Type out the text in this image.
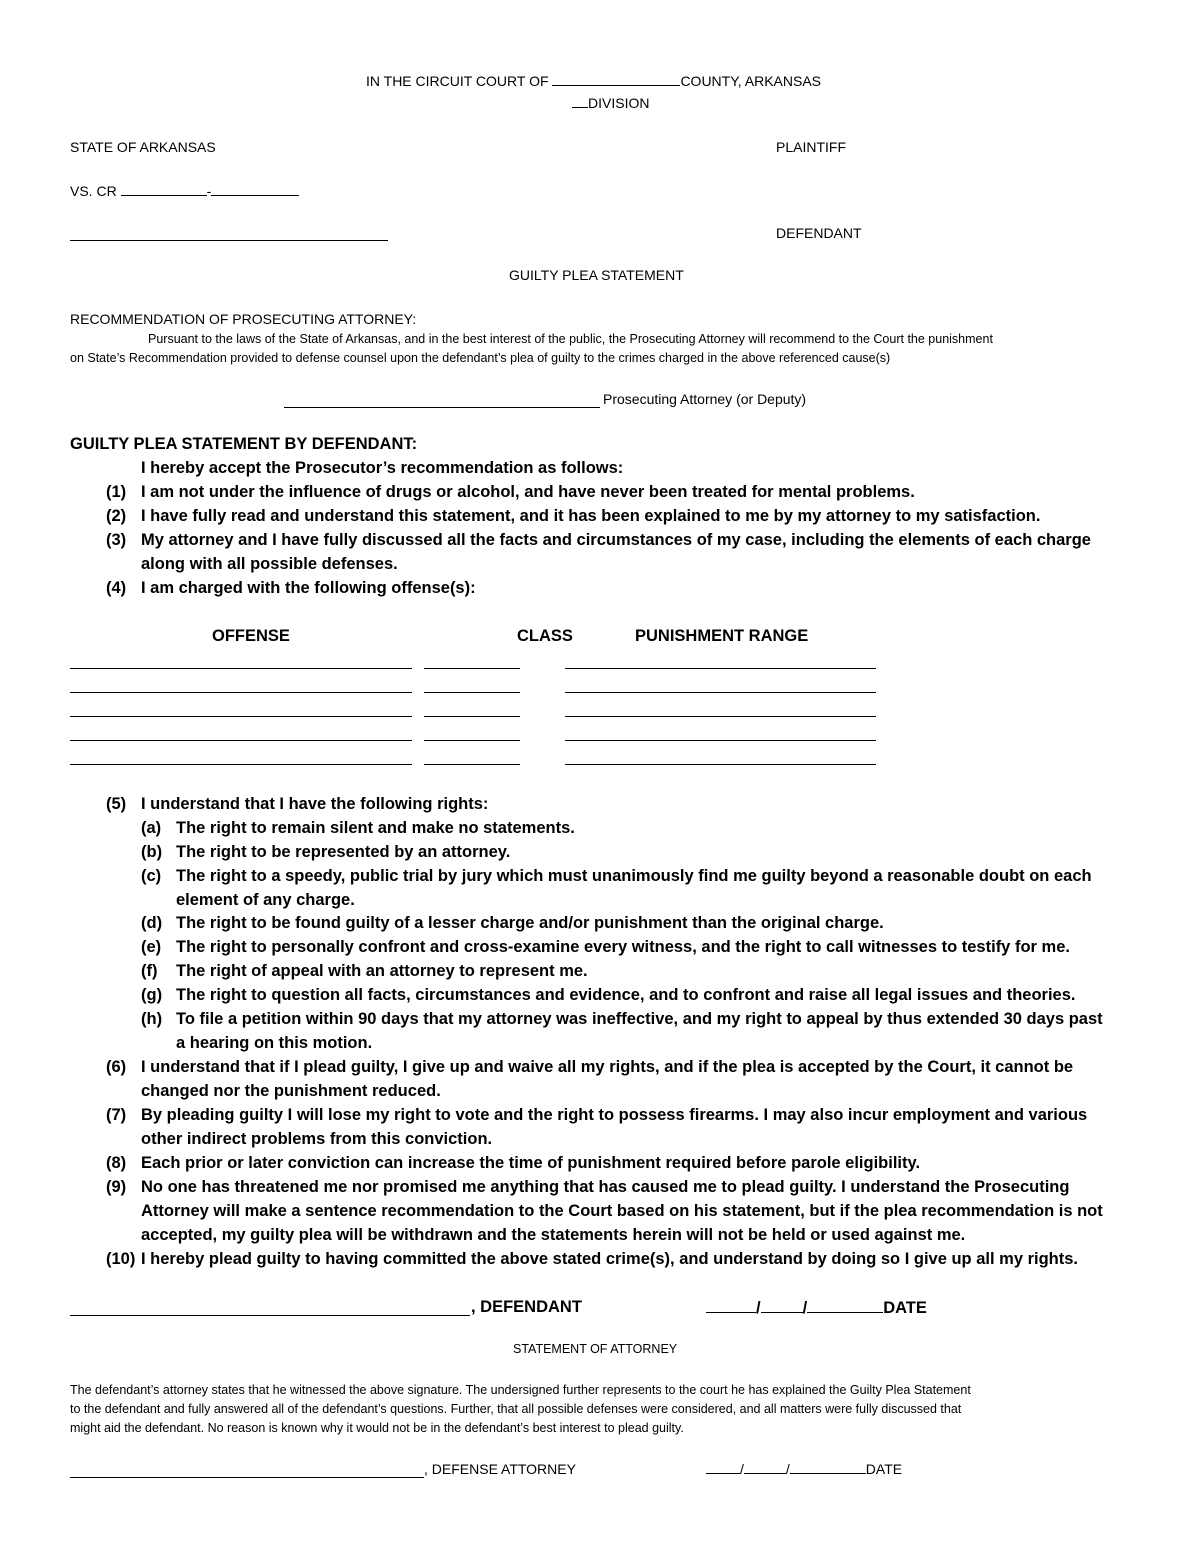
IN THE CIRCUIT COURT OF	COUNTY, ARKANSAS
DIVISION
STATE OF ARKANSAS	PLAINTIFF
VS. CR	-
DEFENDANT
GUILTY PLEA STATEMENT
RECOMMENDATION OF PROSECUTING ATTORNEY:
Pursuant to the laws of the State of Arkansas, and in the best interest of the public, the Prosecuting Attorney will recommend to the Court the punishment
on State’s Recommendation provided to defense counsel upon the defendant’s plea of guilty to the crimes charged in the above referenced cause(s)
Prosecuting Attorney (or Deputy)
GUILTY PLEA STATEMENT BY DEFENDANT:
I hereby accept the Prosecutor’s recommendation as follows:
(1) I am not under the influence of drugs or alcohol, and have never been treated for mental problems.
(2) I have fully read and understand this statement, and it has been explained to me by my attorney to my satisfaction.
(3) My attorney and I have fully discussed all the facts and circumstances of my case, including the elements of each charge
along with all possible defenses.
(4) I am charged with the following offense(s):
OFFENSE	CLASS	PUNISHMENT RANGE
(5) I understand that I have the following rights:
(a) The right to remain silent and make no statements.
(b) The right to be represented by an attorney.
(c) The right to a speedy, public trial by jury which must unanimously find me guilty beyond a reasonable doubt on each
element of any charge.
(d) The right to be found guilty of a lesser charge and/or punishment than the original charge.
(e) The right to personally confront and cross-examine every witness, and the right to call witnesses to testify for me.
(f) The right of appeal with an attorney to represent me.
(g) The right to question all facts, circumstances and evidence, and to confront and raise all legal issues and theories.
(h) To file a petition within 90 days that my attorney was ineffective, and my right to appeal by thus extended 30 days past
a hearing on this motion.
(6) I understand that if I plead guilty, I give up and waive all my rights, and if the plea is accepted by the Court, it cannot be
changed nor the punishment reduced.
(7) By pleading guilty I will lose my right to vote and the right to possess firearms. I may also incur employment and various
other indirect problems from this conviction.
(8) Each prior or later conviction can increase the time of punishment required before parole eligibility.
(9) No one has threatened me nor promised me anything that has caused me to plead guilty. I understand the Prosecuting
Attorney will make a sentence recommendation to the Court based on his statement, but if the plea recommendation is not
accepted, my guilty plea will be withdrawn and the statements herein will not be held or used against me.
(10) I hereby plead guilty to having committed the above stated crime(s), and understand by doing so I give up all my rights.
, DEFENDANT	/	/	DATE
STATEMENT OF ATTORNEY
The defendant’s attorney states that he witnessed the above signature. The undersigned further represents to the court he has explained the Guilty Plea Statement
to the defendant and fully answered all of the defendant’s questions. Further, that all possible defenses were considered, and all matters were fully discussed that
might aid the defendant. No reason is known why it would not be in the defendant’s best interest to plead guilty.
, DEFENSE ATTORNEY	/	/	DATE
